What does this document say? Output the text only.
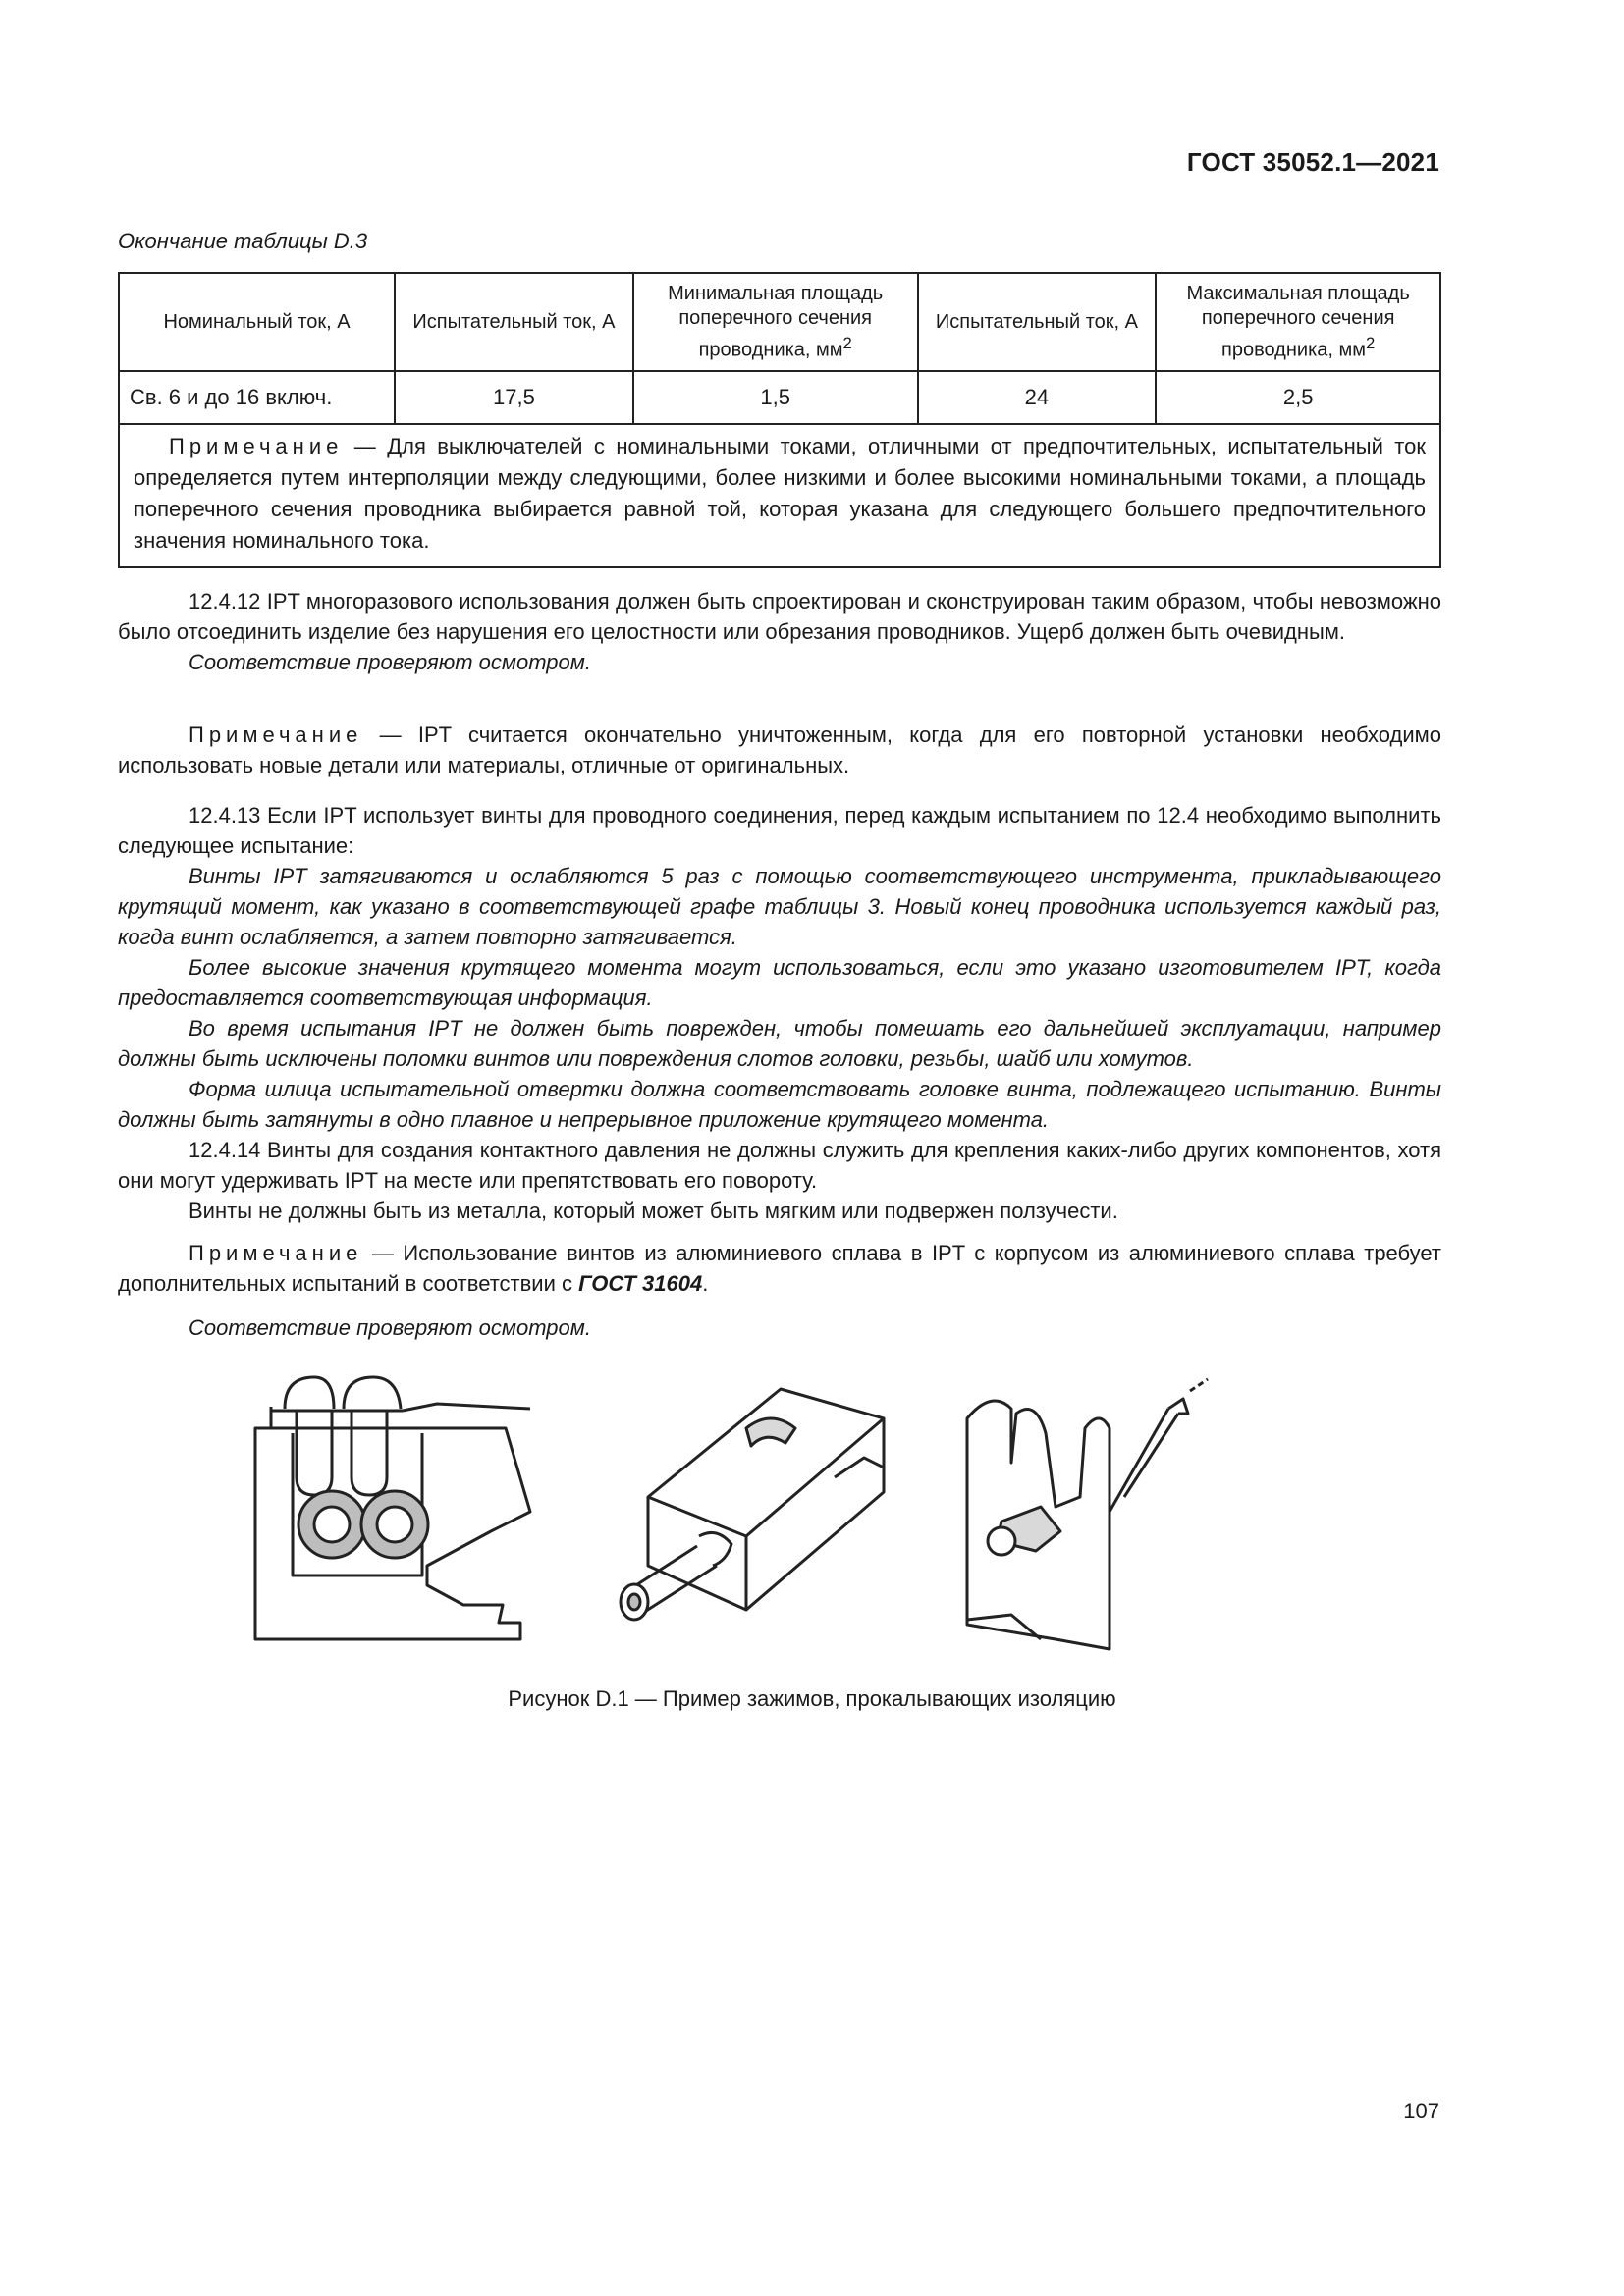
ГОСТ 35052.1—2021
Окончание таблицы D.3
Номинальный ток, А	Испытательный ток, А	Минимальная площадь поперечного сечения проводника, $мм^2$	Испытательный ток, А	Максимальная площадь поперечного сечения проводника, $мм^2$
Св. 6 и до 16 включ.	17,5	1,5	24	2,5
Примечание — Для выключателей с номинальными токами, отличными от предпочтительных, испытательный ток определяется путем интерполяции между следующими, более низкими и более высокими номинальными токами, а площадь поперечного сечения проводника выбирается равной той, которая указана для следующего большего предпочтительного значения номинального тока.				

12.4.12 IPT многоразового использования должен быть спроектирован и сконструирован таким образом, чтобы невозможно было отсоединить изделие без нарушения его целостности или обрезания проводников. Ущерб должен быть очевидным.

Соответствие проверяют осмотром.

Примечание — IPT считается окончательно уничтоженным, когда для его повторной установки необходимо использовать новые детали или материалы, отличные от оригинальных.

12.4.13 Если IPT использует винты для проводного соединения, перед каждым испытанием по 12.4 необходимо выполнить следующее испытание:

Винты IPT затягиваются и ослабляются 5 раз с помощью соответствующего инструмента, прикладывающего крутящий момент, как указано в соответствующей графе таблицы 3. Новый конец проводника используется каждый раз, когда винт ослабляется, а затем повторно затягивается.

Более высокие значения крутящего момента могут использоваться, если это указано изготовителем IPT, когда предоставляется соответствующая информация.

Во время испытания IPT не должен быть поврежден, чтобы помешать его дальнейшей эксплуатации, например должны быть исключены поломки винтов или повреждения слотов головки, резьбы, шайб или хомутов.

Форма шлица испытательной отвертки должна соответствовать головке винта, подлежащего испытанию. Винты должны быть затянуты в одно плавное и непрерывное приложение крутящего момента.

12.4.14 Винты для создания контактного давления не должны служить для крепления каких-либо других компонентов, хотя они могут удерживать IPT на месте или препятствовать его повороту.

Винты не должны быть из металла, который может быть мягким или подвержен ползучести.

Примечание — Использование винтов из алюминиевого сплава в IPT с корпусом из алюминиевого сплава требует дополнительных испытаний в соответствии с ГОСТ 31604.

Соответствие проверяют осмотром.

Рисунок D.1 — Пример зажимов, прокалывающих изоляцию
107
